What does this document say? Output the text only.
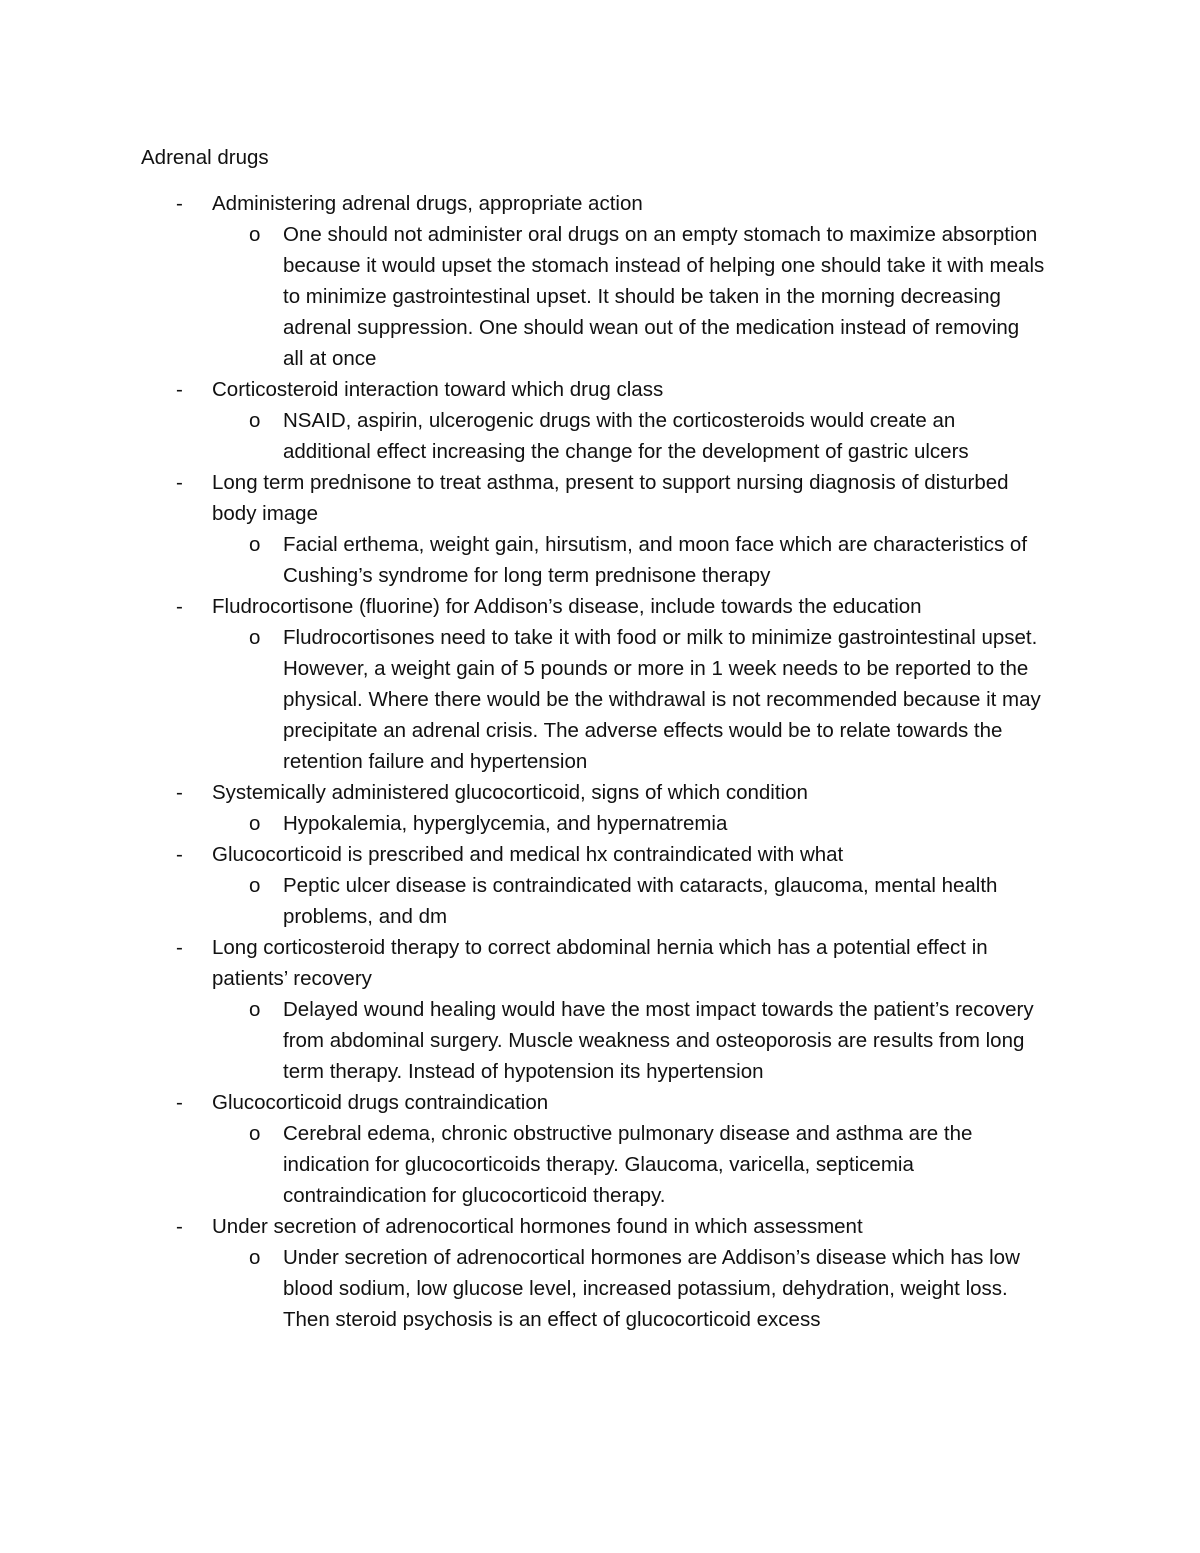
Adrenal drugs
-	Administering adrenal drugs, appropriate action
o	One should not administer oral drugs on an empty stomach to maximize absorption because it would upset the stomach instead of helping one should take it with meals to minimize gastrointestinal upset. It should be taken in the morning decreasing adrenal suppression. One should wean out of the medication instead of removing all at once
-	Corticosteroid interaction toward which drug class
o	NSAID, aspirin, ulcerogenic drugs with the corticosteroids would create an additional effect increasing the change for the development of gastric ulcers
-	Long term prednisone to treat asthma, present to support nursing diagnosis of disturbed body image
o	Facial erthema, weight gain, hirsutism, and moon face which are characteristics of Cushing’s syndrome for long term prednisone therapy
-	Fludrocortisone (fluorine) for Addison’s disease, include towards the education
o	Fludrocortisones need to take it with food or milk to minimize gastrointestinal upset. However, a weight gain of 5 pounds or more in 1 week needs to be reported to the physical. Where there would be the withdrawal is not recommended because it may precipitate an adrenal crisis. The adverse effects would be to relate towards the retention failure and hypertension
-	Systemically administered glucocorticoid, signs of which condition
o	Hypokalemia, hyperglycemia, and hypernatremia
-	Glucocorticoid is prescribed and medical hx contraindicated with what
o	Peptic ulcer disease is contraindicated with cataracts, glaucoma, mental health problems, and dm
-	Long corticosteroid therapy to correct abdominal hernia which has a potential effect in patients’ recovery
o	Delayed wound healing would have the most impact towards the patient’s recovery from abdominal surgery. Muscle weakness and osteoporosis are results from long term therapy. Instead of hypotension its hypertension
-	Glucocorticoid drugs contraindication
o	Cerebral edema, chronic obstructive pulmonary disease and asthma are the indication for glucocorticoids therapy. Glaucoma, varicella, septicemia contraindication for glucocorticoid therapy.
-	Under secretion of adrenocortical hormones found in which assessment
o	Under secretion of adrenocortical hormones are Addison’s disease which has low blood sodium, low glucose level, increased potassium, dehydration, weight loss. Then steroid psychosis is an effect of glucocorticoid excess
